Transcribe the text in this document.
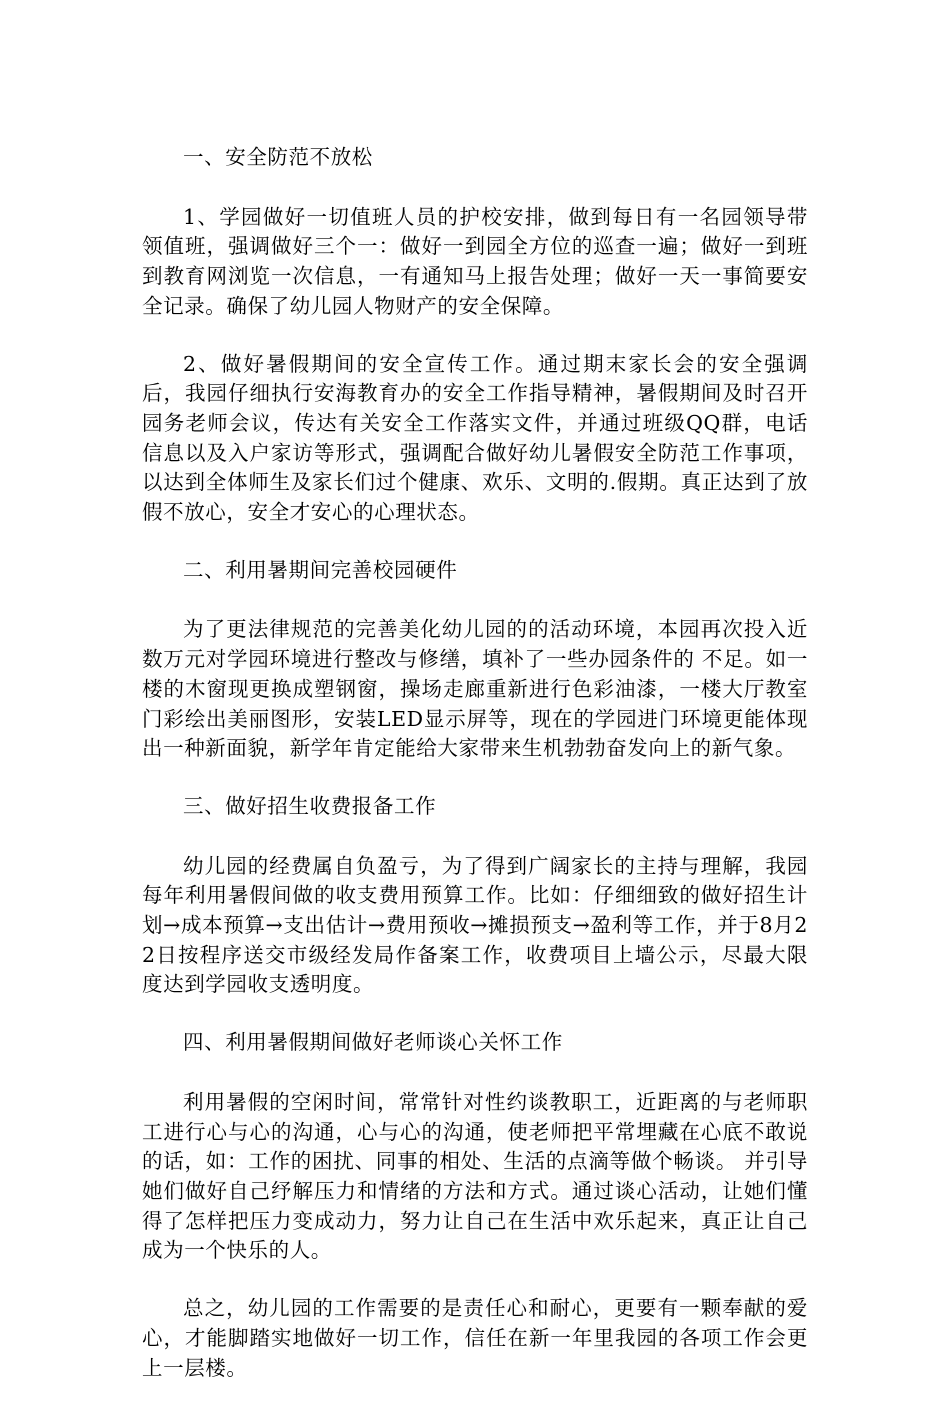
一、安全防范不放松

1、学园做好一切值班人员的护校安排，做到每日有一名园领导带领值班，强调做好三个一：做好一到园全方位的巡查一遍；做好一到班到教育网浏览一次信息，一有通知马上报告处理；做好一天一事简要安全记录。确保了幼儿园人物财产的安全保障。

2、做好暑假期间的安全宣传工作。通过期末家长会的安全强调后，我园仔细执行安海教育办的安全工作指导精神，暑假期间及时召开园务老师会议，传达有关安全工作落实文件，并通过班级QQ群，电话信息以及入户家访等形式，强调配合做好幼儿暑假安全防范工作事项，以达到全体师生及家长们过个健康、欢乐、文明的.假期。真正达到了放假不放心，安全才安心的心理状态。

二、利用暑期间完善校园硬件

为了更法律规范的完善美化幼儿园的的活动环境，本园再次投入近数万元对学园环境进行整改与修缮，填补了一些办园条件的 不足。如一楼的木窗现更换成塑钢窗，操场走廊重新进行色彩油漆，一楼大厅教室门彩绘出美丽图形，安装LED显示屏等，现在的学园进门环境更能体现出一种新面貌，新学年肯定能给大家带来生机勃勃奋发向上的新气象。

三、做好招生收费报备工作

幼儿园的经费属自负盈亏，为了得到广阔家长的主持与理解，我园每年利用暑假间做的收支费用预算工作。比如：仔细细致的做好招生计划→成本预算→支出估计→费用预收→摊损预支→盈利等工作，并于8月22日按程序送交市级经发局作备案工作，收费项目上墙公示，尽最大限度达到学园收支透明度。

四、利用暑假期间做好老师谈心关怀工作

利用暑假的空闲时间，常常针对性约谈教职工，近距离的与老师职工进行心与心的沟通，心与心的沟通，使老师把平常埋藏在心底不敢说的话，如：工作的困扰、同事的相处、生活的点滴等做个畅谈。 并引导她们做好自己纾解压力和情绪的方法和方式。通过谈心活动，让她们懂得了怎样把压力变成动力，努力让自己在生活中欢乐起来，真正让自己成为一个快乐的人。

总之，幼儿园的工作需要的是责任心和耐心，更要有一颗奉献的爱心，才能脚踏实地做好一切工作，信任在新一年里我园的各项工作会更上一层楼。
